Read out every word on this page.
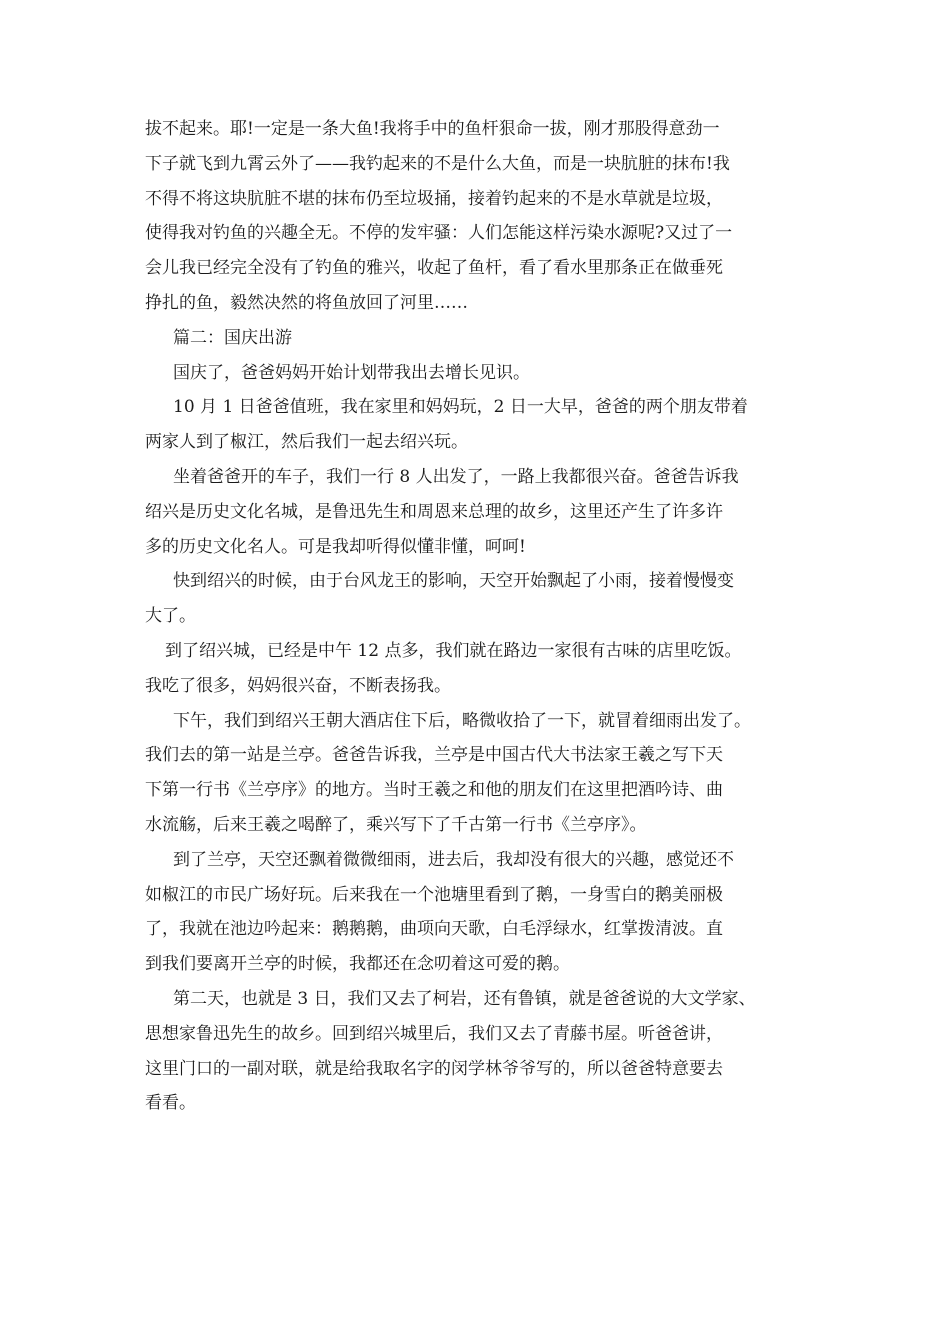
拔不起来。耶!一定是一条大鱼!我将手中的鱼杆狠命一拔，刚才那股得意劲一
下子就飞到九霄云外了——我钓起来的不是什么大鱼，而是一块肮脏的抹布!我
不得不将这块肮脏不堪的抹布仍至垃圾捅，接着钓起来的不是水草就是垃圾，
使得我对钓鱼的兴趣全无。不停的发牢骚：人们怎能这样污染水源呢?又过了一
会儿我已经完全没有了钓鱼的雅兴，收起了鱼杆，看了看水里那条正在做垂死
挣扎的鱼，毅然决然的将鱼放回了河里……
篇二：国庆出游
国庆了，爸爸妈妈开始计划带我出去增长见识。
10 月 1 日爸爸值班，我在家里和妈妈玩，2 日一大早，爸爸的两个朋友带着
两家人到了椒江，然后我们一起去绍兴玩。
坐着爸爸开的车子，我们一行 8 人出发了，一路上我都很兴奋。爸爸告诉我
绍兴是历史文化名城，是鲁迅先生和周恩来总理的故乡，这里还产生了许多许
多的历史文化名人。可是我却听得似懂非懂，呵呵!
快到绍兴的时候，由于台风龙王的影响，天空开始飘起了小雨，接着慢慢变
大了。
到了绍兴城，已经是中午 12 点多，我们就在路边一家很有古味的店里吃饭。
我吃了很多，妈妈很兴奋，不断表扬我。
下午，我们到绍兴王朝大酒店住下后，略微收拾了一下，就冒着细雨出发了。
我们去的第一站是兰亭。爸爸告诉我，兰亭是中国古代大书法家王羲之写下天
下第一行书《兰亭序》的地方。当时王羲之和他的朋友们在这里把酒吟诗、曲
水流觞，后来王羲之喝醉了，乘兴写下了千古第一行书《兰亭序》。
到了兰亭，天空还飘着微微细雨，进去后，我却没有很大的兴趣，感觉还不
如椒江的市民广场好玩。后来我在一个池塘里看到了鹅，一身雪白的鹅美丽极
了，我就在池边吟起来：鹅鹅鹅，曲项向天歌，白毛浮绿水，红掌拨清波。直
到我们要离开兰亭的时候，我都还在念叨着这可爱的鹅。
第二天，也就是 3 日，我们又去了柯岩，还有鲁镇，就是爸爸说的大文学家、
思想家鲁迅先生的故乡。回到绍兴城里后，我们又去了青藤书屋。听爸爸讲，
这里门口的一副对联，就是给我取名字的闵学林爷爷写的，所以爸爸特意要去
看看。
